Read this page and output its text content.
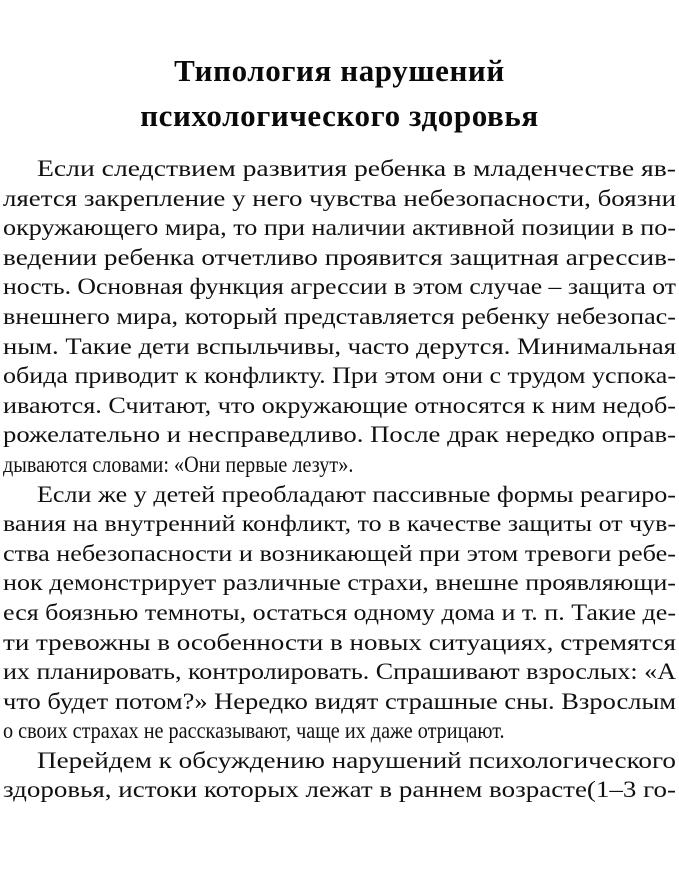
Типология нарушений
психологического здоровья
Если следствием развития ребенка в младенчестве яв-
ляется закрепление у него чувства небезопасности, боязни
окружающего мира, то при наличии активной позиции в по-
ведении ребенка отчетливо проявится защитная агрессив-
ность. Основная функция агрессии в этом случае – защита от
внешнего мира, который представляется ребенку небезопас-
ным. Такие дети вспыльчивы, часто дерутся. Минимальная
обида приводит к конфликту. При этом они с трудом успока-
иваются. Считают, что окружающие относятся к ним недоб-
рожелательно и несправедливо. После драк нередко оправ-
дываются словами: «Они первые лезут».
Если же у детей преобладают пассивные формы реагиро-
вания на внутренний конфликт, то в качестве защиты от чув-
ства небезопасности и возникающей при этом тревоги ребе-
нок демонстрирует различные страхи, внешне проявляющи-
еся боязнью темноты, остаться одному дома и т. п. Такие де-
ти тревожны в особенности в новых ситуациях, стремятся
их планировать, контролировать. Спрашивают взрослых: «А
что будет потом?» Нередко видят страшные сны. Взрослым
о своих страхах не рассказывают, чаще их даже отрицают.
Перейдем к обсуждению нарушений психологического
здоровья, истоки которых лежат в раннем возрасте(1–3 го-
